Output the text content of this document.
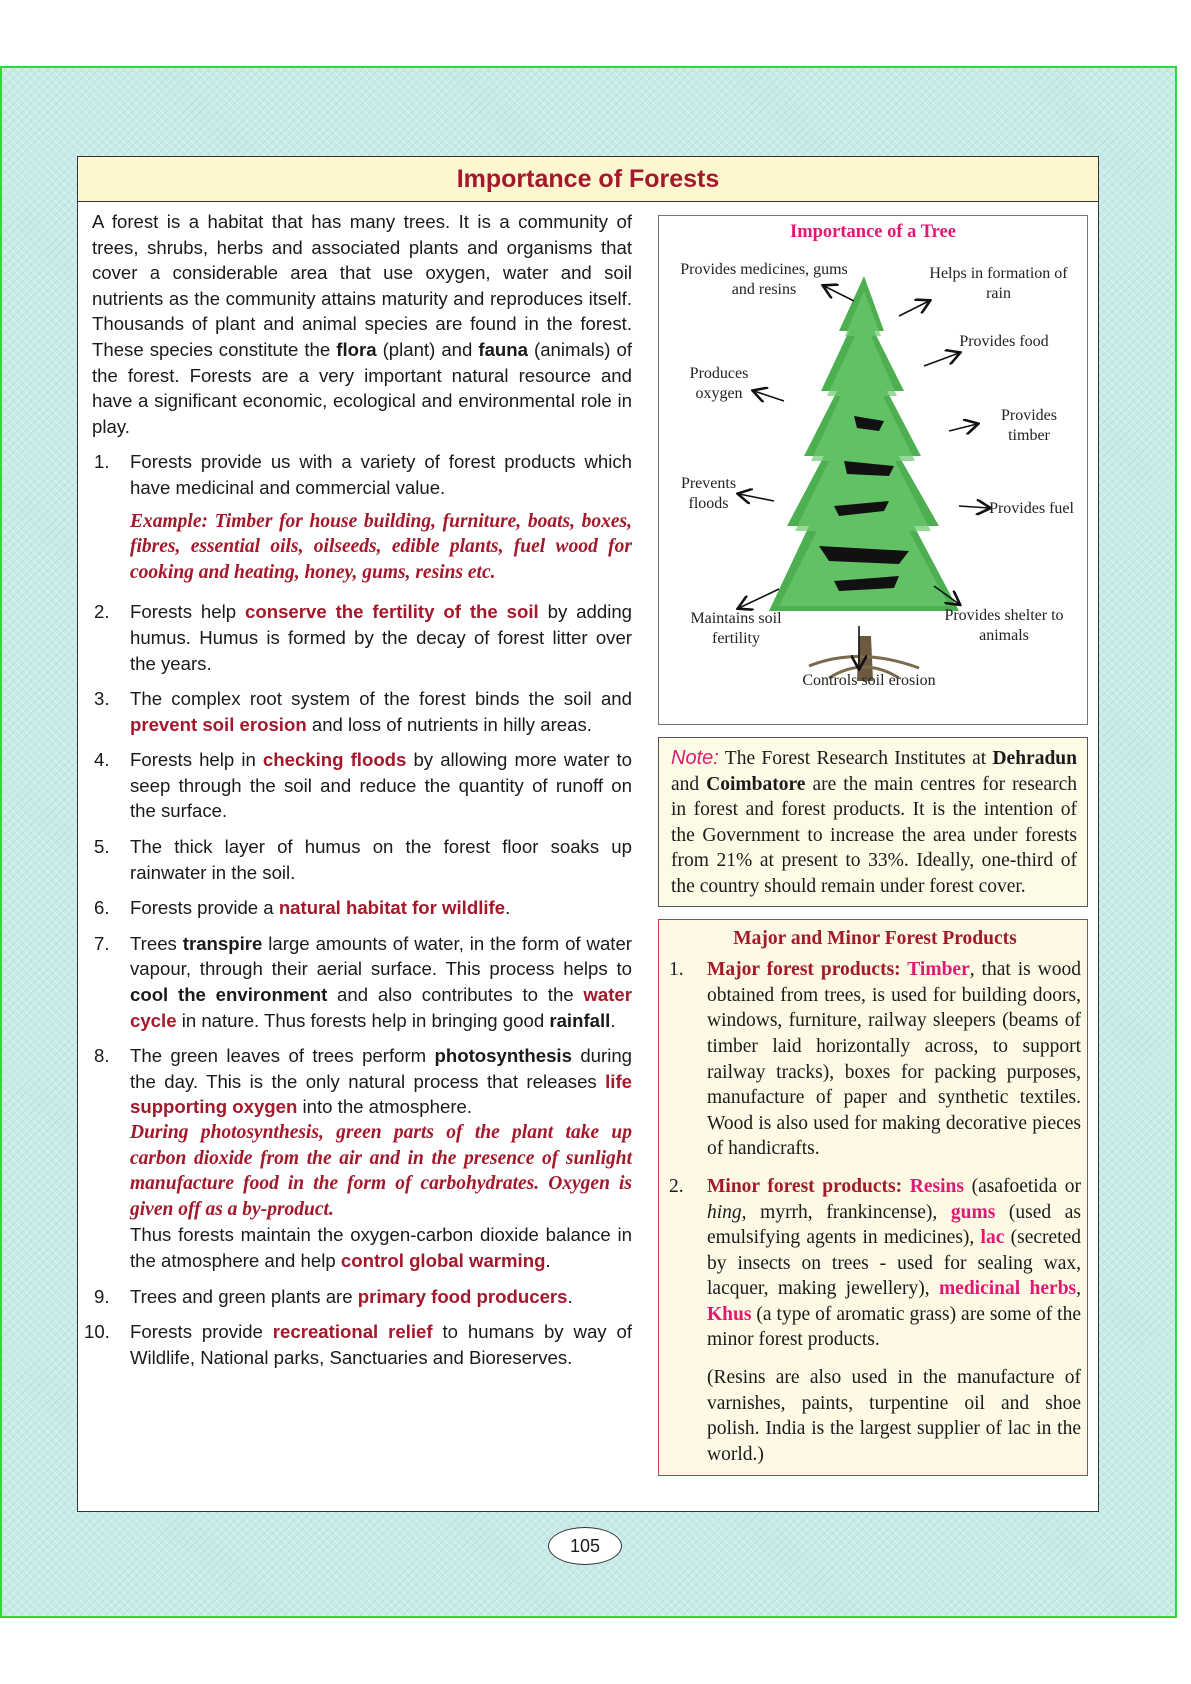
Importance of Forests

A forest is a habitat that has many trees. It is a community of trees, shrubs, herbs and associated plants and organisms that cover a considerable area that use oxygen, water and soil nutrients as the community attains maturity and reproduces itself. Thousands of plant and animal species are found in the forest. These species constitute the flora (plant) and fauna (animals) of the forest. Forests are a very important natural resource and have a significant economic, ecological and environmental role in play.

1.	Forests provide us with a variety of forest products which have medicinal and commercial value.
Example: Timber for house building, furniture, boats, boxes, fibres, essential oils, oilseeds, edible plants, fuel wood for cooking and heating, honey, gums, resins etc.
2.	Forests help conserve the fertility of the soil by adding humus. Humus is formed by the decay of forest litter over the years.
3.	The complex root system of the forest binds the soil and prevent soil erosion and loss of nutrients in hilly areas.
4.	Forests help in checking floods by allowing more water to seep through the soil and reduce the quantity of runoff on the surface.
5.	The thick layer of humus on the forest floor soaks up rainwater in the soil.
6.	Forests provide a natural habitat for wildlife.
7.	Trees transpire large amounts of water, in the form of water vapour, through their aerial surface. This process helps to cool the environment and also contributes to the water cycle in nature. Thus forests help in bringing good rainfall.
8.	The green leaves of trees perform photosynthesis during the day. This is the only natural process that releases life supporting oxygen into the atmosphere.
During photosynthesis, green parts of the plant take up carbon dioxide from the air and in the presence of sunlight manufacture food in the form of carbohydrates. Oxygen is given off as a by-product.
Thus forests maintain the oxygen-carbon dioxide balance in the atmosphere and help control global warming.
9.	Trees and green plants are primary food producers.
10.	Forests provide recreational relief to humans by way of Wildlife, National parks, Sanctuaries and Bioreserves.
Importance of a Tree
Provides medicines, gums and resins
Helps in formation of rain
Provides food
Produces oxygen
Provides timber
Prevents floods	Provides fuel
Maintains soil fertility
Provides shelter to animals
Controls soil erosion
Note: The Forest Research Institutes at Dehradun and Coimbatore are the main centres for research in forest and forest products. It is the intention of the Government to increase the area under forests from 21% at present to 33%. Ideally, one-third of the country should remain under forest cover.
Major and Minor Forest Products
1.	Major forest products: Timber, that is wood obtained from trees, is used for building doors, windows, furniture, railway sleepers (beams of timber laid horizontally across, to support railway tracks), boxes for packing purposes, manufacture of paper and synthetic textiles. Wood is also used for making decorative pieces of handicrafts.
2.	Minor forest products: Resins (asafoetida or hing, myrrh, frankincense), gums (used as emulsifying agents in medicines), lac (secreted by insects on trees - used for sealing wax, lacquer, making jewellery), medicinal herbs, Khus (a type of aromatic grass) are some of the minor forest products.
(Resins are also used in the manufacture of varnishes, paints, turpentine oil and shoe polish. India is the largest supplier of lac in the world.)
105
